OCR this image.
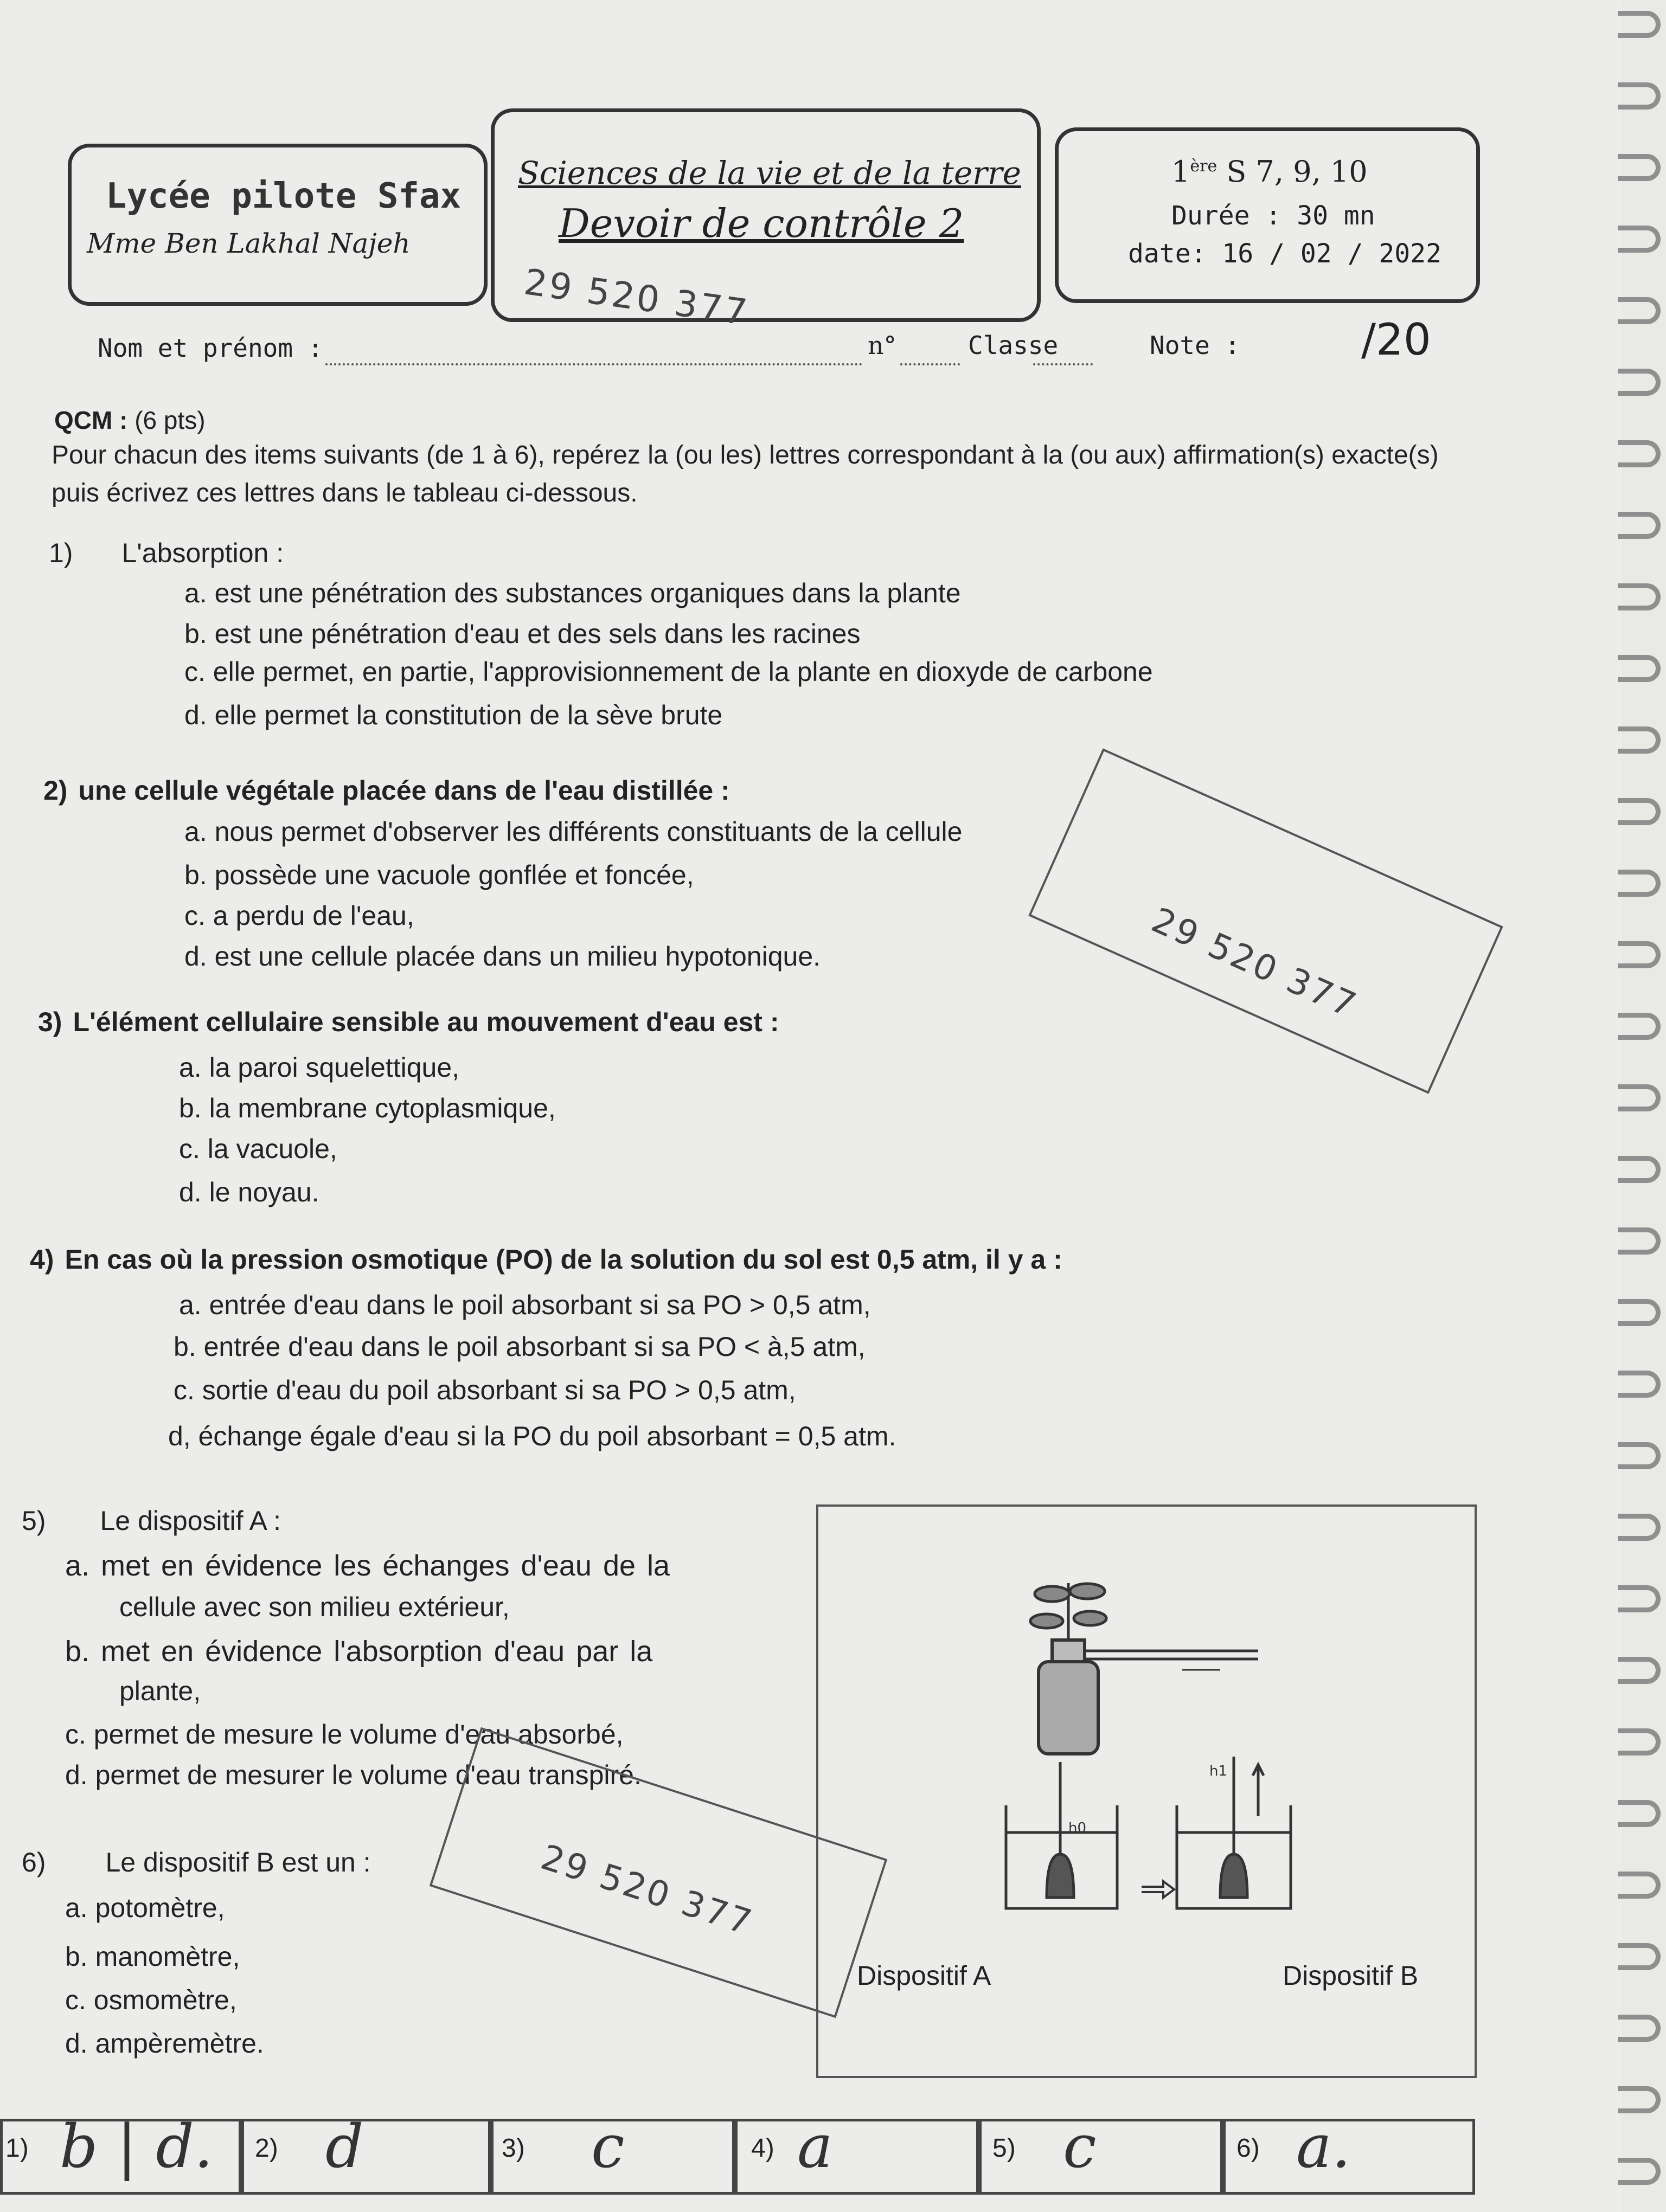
Lycée pilote Sfax
Mme Ben Lakhal Najeh
Sciences de la vie et de la terre
Devoir de contrôle 2
29 520 377
1ère S 7, 9, 10
Durée : 30 mn
date: 16 / 02 / 2022
Nom et prénom :	n°	Classe	Note :	/20
QCM : (6 pts)
Pour chacun des items suivants (de 1 à 6), repérez la (ou les) lettres correspondant à la (ou aux) affirmation(s) exacte(s) puis écrivez ces lettres dans le tableau ci-dessous.
1) L'absorption :
a. est une pénétration des substances organiques dans la plante
b. est une pénétration d'eau et des sels dans les racines
c. elle permet, en partie, l'approvisionnement de la plante en dioxyde de carbone
d. elle permet la constitution de la sève brute
2) une cellule végétale placée dans de l'eau distillée :
a. nous permet d'observer les différents constituants de la cellule
b. possède une vacuole gonflée et foncée,
c. a perdu de l'eau,
d. est une cellule placée dans un milieu hypotonique.	29 520 377
3) L'élément cellulaire sensible au mouvement d'eau est :
a. la paroi squelettique,
b. la membrane cytoplasmique,
c. la vacuole,
d. le noyau.
4) En cas où la pression osmotique (PO) de la solution du sol est 0,5 atm, il y a :
a. entrée d'eau dans le poil absorbant si sa PO > 0,5 atm,
b. entrée d'eau dans le poil absorbant si sa PO < à,5 atm,
c. sortie d'eau du poil absorbant si sa PO > 0,5 atm,
d, échange égale d'eau si la PO du poil absorbant = 0,5 atm.
5) Le dispositif A :
a. met en évidence les échanges d'eau de la
cellule avec son milieu extérieur,
b. met en évidence l'absorption d'eau par la
plante,
c. permet de mesure le volume d'eau absorbé,
d. permet de mesurer le volume d'eau transpiré.
6) Le dispositif B est un :
a. potomètre,
b. manomètre,
c. osmomètre,
d. ampèremètre.
29 520 377
h0
h1
Dispositif A	Dispositif B
1) b | d. 2) d	3) c	4) a	5) c	6) a.
